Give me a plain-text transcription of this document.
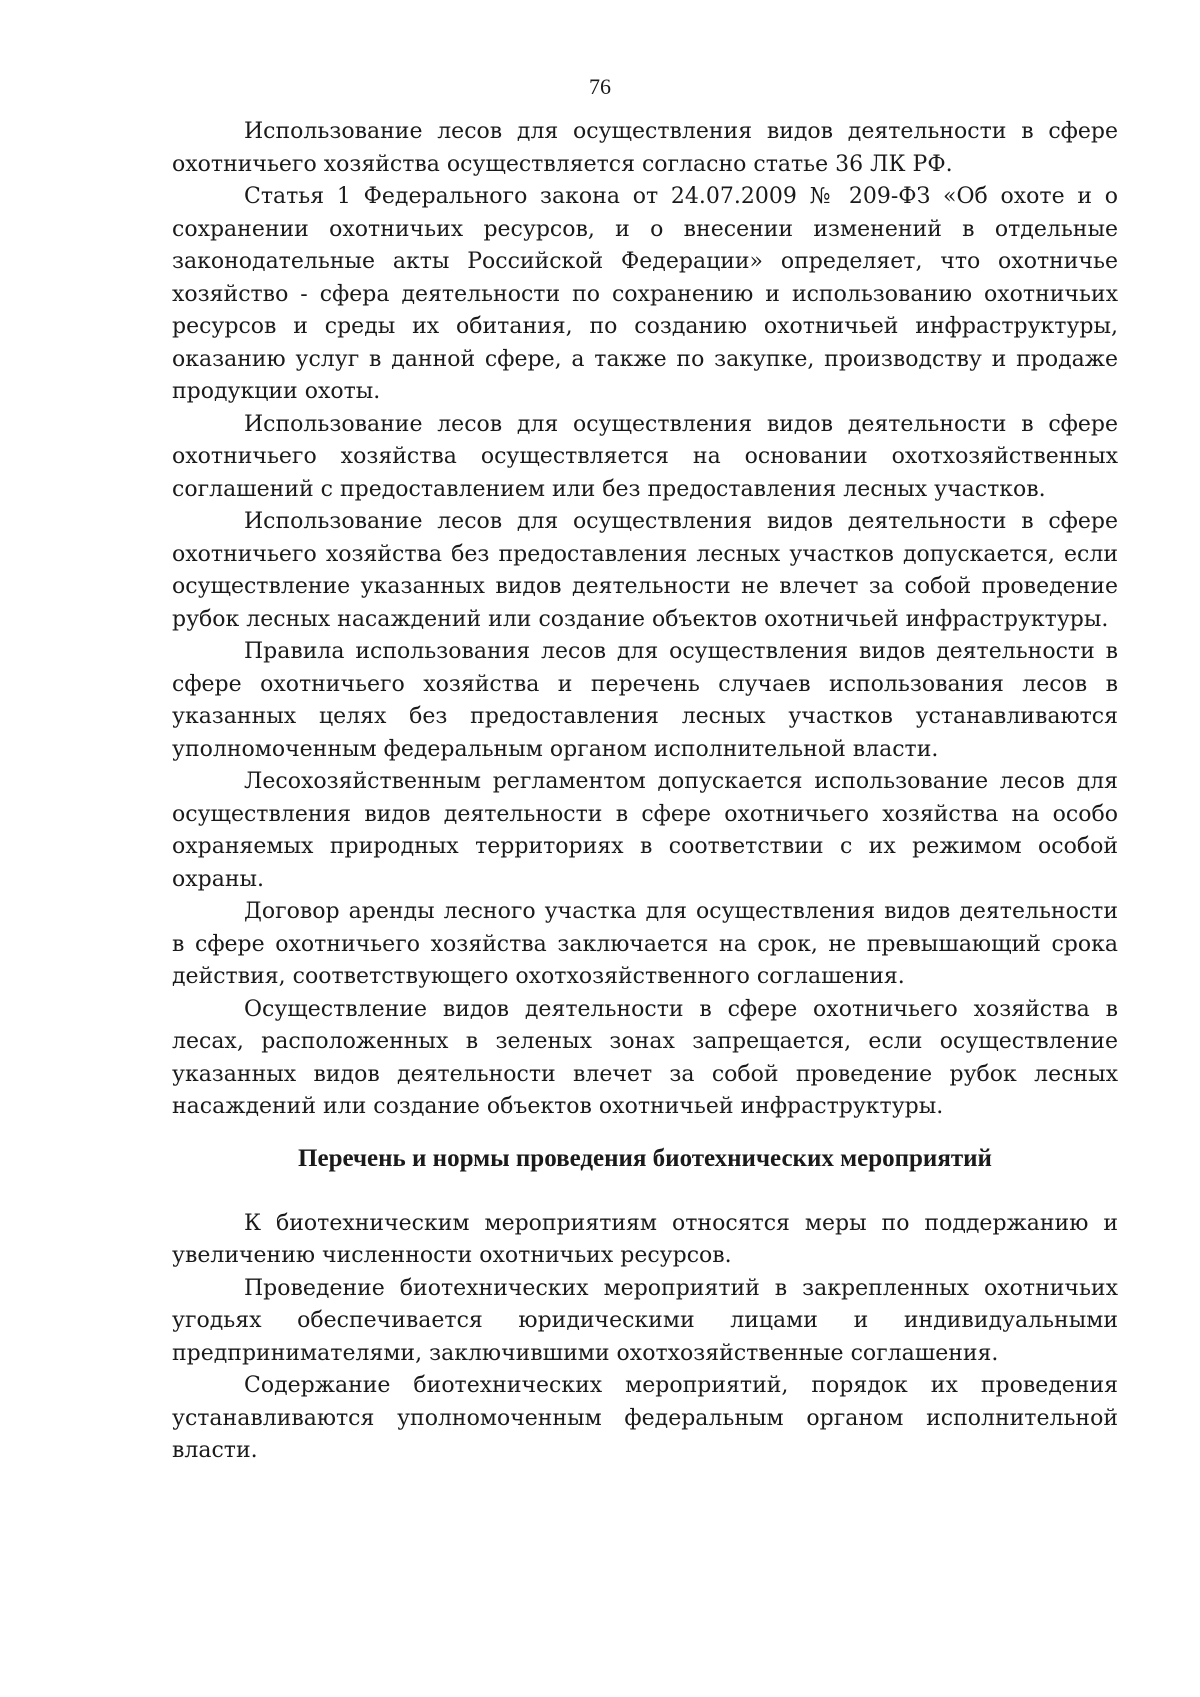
76

Использование лесов для осуществления видов деятельности в сфере охотничьего хозяйства осуществляется согласно статье 36 ЛК РФ.

Статья 1 Федерального закона от 24.07.2009 № 209-ФЗ «Об охоте и о сохранении охотничьих ресурсов, и о внесении изменений в отдельные законодательные акты Российской Федерации» определяет, что охотничье хозяйство - сфера деятельности по сохранению и использованию охотничьих ресурсов и среды их обитания, по созданию охотничьей инфраструктуры, оказанию услуг в данной сфере, а также по закупке, производству и продаже продукции охоты.

Использование лесов для осуществления видов деятельности в сфере охотничьего хозяйства осуществляется на основании охотхозяйственных соглашений с предоставлением или без предоставления лесных участков.

Использование лесов для осуществления видов деятельности в сфере охотничьего хозяйства без предоставления лесных участков допускается, если осуществление указанных видов деятельности не влечет за собой проведение рубок лесных насаждений или создание объектов охотничьей инфраструктуры.

Правила использования лесов для осуществления видов деятельности в сфере охотничьего хозяйства и перечень случаев использования лесов в указанных целях без предоставления лесных участков устанавливаются уполномоченным федеральным органом исполнительной власти.

Лесохозяйственным регламентом допускается использование лесов для осуществления видов деятельности в сфере охотничьего хозяйства на особо охраняемых природных территориях в соответствии с их режимом особой охраны.

Договор аренды лесного участка для осуществления видов деятельности в сфере охотничьего хозяйства заключается на срок, не превышающий срока действия, соответствующего охотхозяйственного соглашения.

Осуществление видов деятельности в сфере охотничьего хозяйства в лесах, расположенных в зеленых зонах запрещается, если осуществление указанных видов деятельности влечет за собой проведение рубок лесных насаждений или создание объектов охотничьей инфраструктуры.

Перечень и нормы проведения биотехнических мероприятий

К биотехническим мероприятиям относятся меры по поддержанию и увеличению численности охотничьих ресурсов.

Проведение биотехнических мероприятий в закрепленных охотничьих угодьях обеспечивается юридическими лицами и индивидуальными предпринимателями, заключившими охотхозяйственные соглашения.

Содержание биотехнических мероприятий, порядок их проведения устанавливаются уполномоченным федеральным органом исполнительной власти.
